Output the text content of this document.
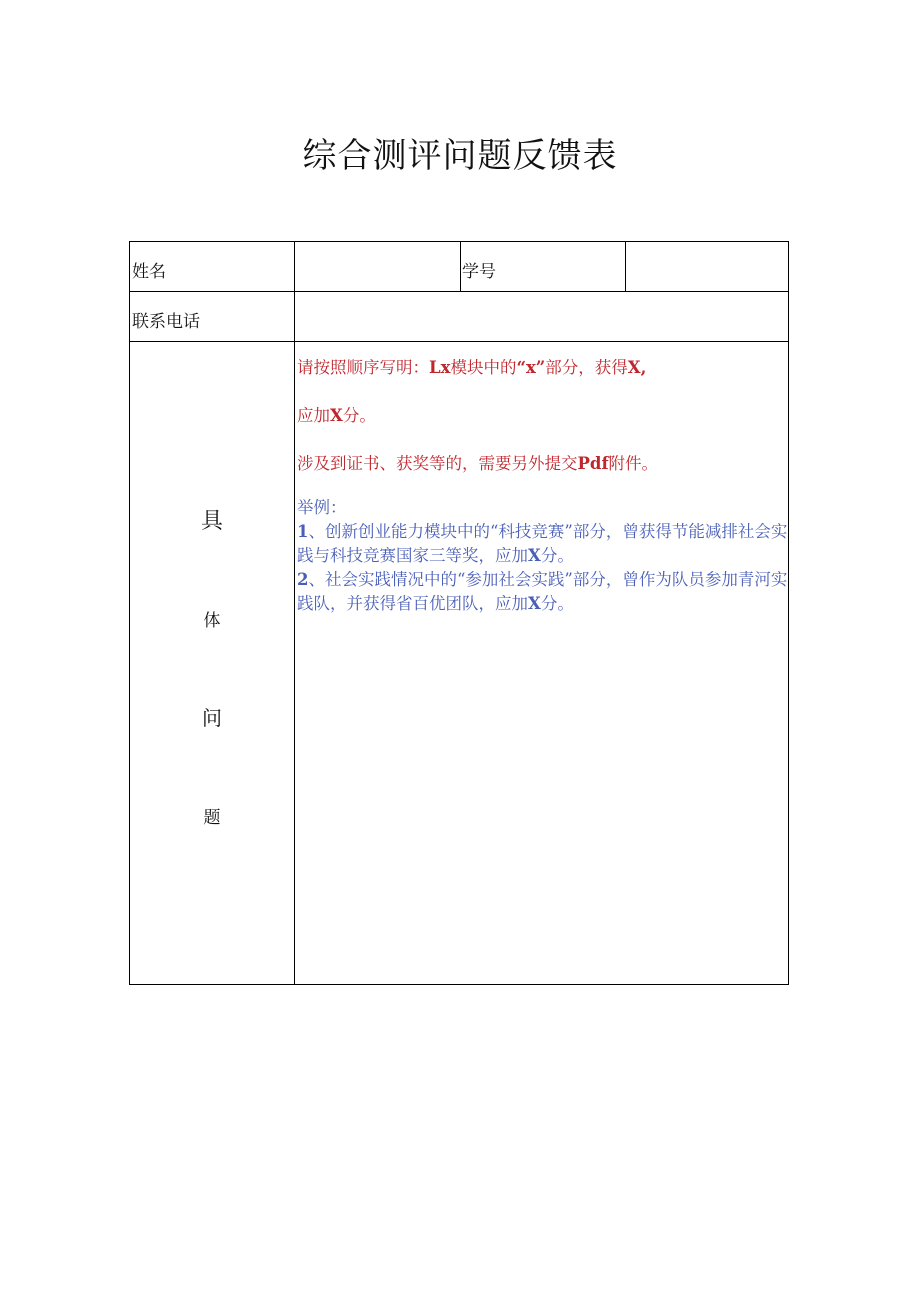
综合测评问题反馈表
姓名	学号
联系电话
具
体
问
题
请按照顺序写明：Lx模块中的“x”部分，获得X,
应加X分。
涉及到证书、获奖等的，需要另外提交Pdf附件。
举例：
1、创新创业能力模块中的“科技竞赛”部分，曾获得节能减排社会实践与科技竞赛国家三等奖，应加X分。
2、社会实践情况中的“参加社会实践”部分，曾作为队员参加青河实践队，并获得省百优团队，应加X分。
